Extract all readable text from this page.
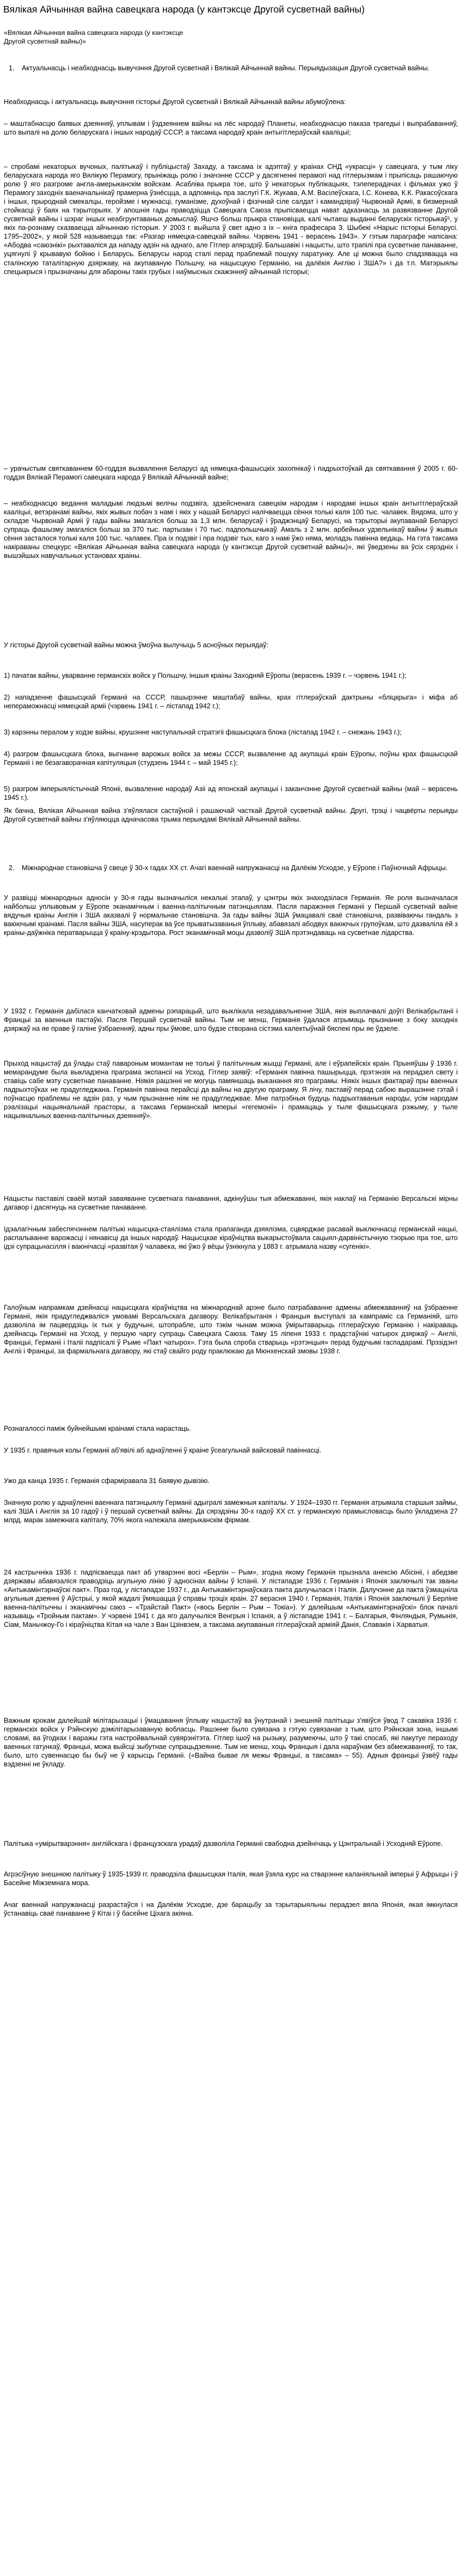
Вялікая Айчынная вайна савецкага народа (у кантэксце Другой сусветнай вайны)
«Вялікая Айчынная вайна савецкага народа (у кантэксце
Другой сусветнай вайны)»
1. Актуальнасць і неабходнасць вывучэння Другой сусветнай і Вялікай Айчыннай вайны. Перыядызацыя Другой сусветнай вайны.

Неабходнасць і актуальнасць вывучэння гісторыі Другой сусветнай і Вялікай Айчыннай вайны абумоўлена:

– маштабнасцю баявых дзеянняў, уплывам і ўздзеяннем вайны на лёс народаў Планеты, неабходнасцю паказа трагедыі і выпрабаванняў, што выпалі на долю беларускага і іншых народаў СССР, а таксама народаў краін антыгітлераўскай кааліцыі;

– спробамі некаторых вучоных, палітыкаў і публіцыстаў Захаду, а таксама іх адэптаў у краінах СНД «украсці» у савецкага, у тым ліку беларускага народа яго Вялікую Перамогу, прыніжаць ролю і значэнне СССР у дасягненні перамогі над гітлерызмам і прыпісаць рашаючую ролю ў яго разгроме англа-амерыканскім войскам. Асабліва прыкра тое, што ў некаторых публікацыях, тэлеперадачах і фільмах ужо ў Перамогу заходніх ваеначальнікаў прамерна ўзнёсцца, а адпомніць пра заслугі Г.К. Жукава, А.М. Васілеўскага, І.С. Конева, К.К. Ракасоўскага і іншых, прыроднай смекалцы, геройзме і мужнасці, гуманізме, духоўнай і фізічнай сіле салдат і камандзіраў Чырвонай Арміі, в бязмернай стойкасці ў баях на тэрыторыях. У апошнія гады праводзіцца Савецкага Саюза прыпісваецца нават адказнасць за развязванне Другой сусветнай вайны і шэраг іншых неабгрунтаваных домыслаў. Яшчэ больш прыкра становіцца, калі чытаеш выданні беларускіх гісторыкаў¹, у якіх па-рознаму сказваецца айчыннаю гісторыя. У 2003 г. выйшла ў свет адно з іх – кніга прафесара З. Шыбекі «Нарыс гісторыі Беларусі. 1795–2002», у якой 528 называецца так: «Разгар нямецка-савецкай вайны. Чэрвень 1941 - верасень 1943». У гэтым параграфе напісана: «Абодва «саюзнікі» рыхтаваліся да нападу адзін на аднаго, але Гітлер апярэдзіў. Бальшавікі і нацысты, што трапілі пра сусветнае панаванне, уцягнулі ў крывавую бойню і Беларусь. Беларусы народ сталі перад праблемай пошуку паратунку. Але ці можна было спадзявацца на сталінскую таталітарную дзяржаву, на акупаваную Польшчу, на нацысцкую Германію, на далёкія Англію і ЗША?» і да т.п. Матэрыялы спецыкрыся і прызначаны для абароны такіх грубых і наўмысных скажэнняў айчыннай гісторыі;

– урачыстым святкаваннем 60-годдзя вызвалення Беларусі ад нямецка-фашысцкіх захопнікаў і падрыхтоўкай да святкавання ў 2005 г. 60-годдзя Вялікай Перамогі савецкага народа ў Вялікай Айчыннай вайне;

– неабходнасцю ведання маладымі людзьмі велічы подзвіга, здзейсненага савецкім народам і народамі іншых краін антыгітлераўскай кааліцыі, ветэранамі вайны, якіх жывых побач з намі і якіх у нашай Беларусі налічваецца сёння толькі каля 100 тыс. чалавек. Вядома, што у складзе Чырвонай Арміі ў гады вайны змагаліся больш за 1,3 млн. беларусаў і ўраджэнцаў Беларусі, на тэрыторыі акупаванай Беларусі супраць фашызму змагаліся больш за 370 тыс. партызан і 70 тыс. падпольшчыкаў. Амаль з 2 млн. арбейных удзельнікаў вайны ў жывых сёння засталося толькі каля 100 тыс. чалавек. Пра іх подзвіг і пра подзвіг тых, каго з намі ўжо няма, моладзь павінна ведаць. На гэта таксама накіраваны спецкурс «Вялікая Айчынная вайна савецкага народа (у кантэксце Другой сусветнай вайны)», які ўведзены ва ўсіх сярэдніх і вышэйшых навучальных установах краіны.

У гісторыі Другой сусветнай вайны можна ўмоўна вылучыць 5 асноўных перыядаў:

1) пачатак вайны, уварванне германскіх войск у Польшчу, іншыя краіны Заходняй Еўропы (верасень 1939 г. – чэрвень 1941 г.);

2) нападзенне фашысцкай Германіі на СССР, пашырэнне маштабаў вайны, крах гітлераўскай дактрыны «бліцкрыга» і міфа аб непераможнасці нямецкай арміі (чэрвень 1941 г. – лістапад 1942 г.);

3) карэнны пералом у ходзе вайны, крушэнне наступальнай стратэгіі фашысцкага блока (лістапад 1942 г. – снежань 1943 г.);

4) разгром фашысцкага блока, выгнанне варожых войск за межы СССР, вызваленне ад акупацыі краін Еўропы, поўны крах фашысцкай Германіі і яе безагаворачная капітуляцыя (студзень 1944 г. – май 1945 г.);

5) разгром імперыялістычнай Японіі, вызваленне народаў Азіі ад японскай акупацыі і заканчэнне Другой сусветнай вайны (май – верасень 1945 г.).

Як бачна, Вялікая Айчынная вайна з'яўлялася састаўной і рашаючай часткай Другой сусветнай вайны. Другі, трэці і чацвёрты перыяды Другой сусветнай вайны з'яўляюцца адначасова трыма перыядамі Вялікай Айчыннай вайны.

2. Міжнароднае становішча ў свеце ў 30-х гадах ХХ ст. Ачагі ваеннай напружанасці на Далёкім Усходзе, у Еўропе і Паўночнай Афрыцы.

У развіцці міжнародных адносін у 30-я гады вызначыліся некалькі этапаў, у цэнтры якіх знаходзілася Германія. Яе роля вызначалася найбольш уплывовым у Еўропе эканамічным і ваенна-палітычным патэнцыялам. Пасля паражэння Германіі у Першай сусветнай вайне вядучыя краіны Англія і ЗША аказвалі ў нормальнае становішча. За гады вайны ЗША ўмацавалі сваё становішча, развіваючы гандаль з ваюючымі краінамі. Пасля вайны ЗША, насуперак ва ўсе прыватызаваныя ўплыву, абавязалі абодвух ваюючых групоўкам, што дазваліла ёй з краіны-даўжніка ператварыцца ў краіну-крэдытора. Рост эканамічнай моцы дазволіў ЗША прэтэндаваць на сусветнае лідарства.

У 1932 г. Германія дабілася канчатковай адмены рэпарацый, што выклікала незадавальненне ЗША, якія выплачвалі доўгі Велікабрытаніі і Францыі за ваенныя пастаўкі. Пасля Першай сусветнай вайны. Тым не менш, Германія ўдалася атрымаць прызнанне з боку заходніх дзяржаў на яе праве ў галіне ўзбраенняў, адны пры ўмове, што будзе створана сістэма калектыўнай бяспекі пры яе ўдзеле.

Прыход нацыстаў да ўлады стаў павароным момантам не толькі ў палітычным жыцці Германіі, але і еўрапейскіх краін. Прыняўшы ў 1936 г. мемарандуме была выкладзена праграма экспансіі на Усход. Гітлер заявіў: «Германія павінна пашырыцца, прэтэнзія на перадзел свету і ставіць сабе мэту сусветнае панаванне. Ніякія рашэнні не могуць памяншаць выканання яго праграмы. Ніякіх іншых фактараў пры ваенных падрыхтоўках не прадугледжана. Германія павінна перайсці да вайны на другую праграму. Я лічу, паставіў перад сабою вырашэнне гэтай і поўнасцю праблемы не адзін раз, у чым прызнанне ніяк не прадугледжвае. Мне патрэбныя будуць падрыхтаваныя народы, усім народам рэалізацыі нацыянальнай прасторы, а таксама Германскай імперыі «гегемоніі» і прамацаць у тыле фашысцкага рэжыму, у тыле нацыянальных ваенна-палітычных дзеянняў».

Нацысты паставілі сваёй мэтай заваяванне сусветнага панавання, адкінуўшы тыя абмежаванні, якія наклаў на Германію Версальскі мірны дагавор і дасягнуць на сусветнае панаванне.

Ідэалагічным забеспячэннем палітыкі нацысцка-стаялізма стала прапаганда дзяялізма, сцвярджае расавай выключнасці германскай нацыі, распальванне варожасці і нянавісці да іншых народаў. Нацысцкае кіраўніцтва выкарыстоўвала сацыял-дарвіністычную тэорыю пра тое, што ідэі супрацьнасілля і ваюнічасці «развітая ў чалавека, які ўжо ў вёцы ўзнікнула у 1883 г. атрымала назву «сугенікі».

Галоўным напрамкам дзейнасці нацысцкага кіраўніцтва на міжнароднай арэне было патрабаванне адмены абмежаванняў на ўзбраенне Германіі, якія прадугледжваліся умовамі Версальскага дагавору. Велікабрытанія і Францыя выступалі за кампраміс са Германіяй, што дазволіла ім пацвердзіць іх тых у будучыні, штопрабле, што тэкім чынам можна ўмірытаварыць гітлераўскую Германію і накіраваць дзейнасць Германіі на Усход, у першую чаргу супраць Савецкага Саюза. Таму 15 ліпеня 1933 г. прадстаўнікі чатырох дзяржаў – Англіі, Францыі, Германіі і Італіі падпісалі ў Рыме «Пакт чатырох». Гэта была спроба стварыць «рэтэнцыя» перад будучымі гаспадарамі. Прэзідэнт Англіі і Францыі, за фармальнага дагавору, які стаў свайго роду праклюкаю да Мюнхенскай змовы 1938 г.

Рознагалоссі паміж буйнейшымі краінамі стала нарастаць.

У 1935 г. правячыя колы Германіі аб'явілі аб аднаўленні ў краіне ўсеагульнай вайсковай павіннасці.

Ужо да канца 1935 г. Германія сфарміравала 31 баявую дывізію.

Значную ролю у аднаўленні ваеннага патэнцыялу Германіі адыгралі замежныя капіталы. У 1924–1930 гг. Германія атрымала старшыя займы, калі ЗША і Англія за 10 гадоў і ў першай сусветнай вайны. Да сярэдзіны 30-х гадоў XX ст. у германскую прамысловасць было ўкладзена 27 млрд. марак замежнага капіталу, 70% якога належала амерыканскім фірмам.

24 кастрычніка 1936 г. падпісваецца пакт аб утварэнні восі «Берлін – Рым», згодна якому Германія прызнала анексію Абісініі, і абедзве дзяржавы абавязаліся праводзіць агульную лінію ў адносінах вайны ў Іспаніі. У лістападзе 1936 г. Германія і Японія заключылі так званы «Антыкамінтэрнаўскі пакт». Праз год, у лістападзе 1937 г., да Антыкамінтэрнаўскага пакта далучылася і Італія. Далучэнне да пакта ўзмацніла агульныя дзеянні ў Аўстрыі, у якой жадалі ўмяшацца ў справы трэціх краін. 27 верасня 1940 г. Германія, Італія і Японія заключылі ў Берліне ваенна-палітычны і эканамічны саюз – «Трайстай Пакт» («вось Берлін – Рым – Токіа»). У далейшым «Антыкамінтэрнаўскі» блок пачалі называць «Тройным пактам». У чэрвені 1941 г. да яго далучыліся Венгрыя і Іспанія, а ў лістападзе 1941 г. – Балгарыя, Фінляндыя, Румынія, Сіам, Маньчжоу-Го і кіраўніцтва Кітая на чале з Ван Цзінвэем, а таксама акупаваныя гітлераўскай арміяй Данія, Славакія і Харватыя.

Важным крокам далейшай мілітарызацыі і ўмацавання ўплыву нацыстаў ва ўнутранай і знешняй палітыцы з'явіўся ўвод 7 сакавіка 1936 г. германскіх войск у Рэйнскую дэмілітарызаваную вобласць. Рашэнне было сувязана з гэтую сувязанае з тым, што Рэйнская зона, іншымі словамі, ва ўгодках і варажы гэта настройвальнай сувярэнітэта. Гітлер ішоў на рызыку, разумеючы, што ў такі спосаб, які пакутуе пераходу ваенных гатункаў, Францыі, можа выйсці зыбутнае супрацьдзеянне. Тым не менш, хоць Францыя і дала нараўнам без абмежаванняў, то так, было, што сувеннасцю бы быў не ў карысць Германіі. («Вайна бывае ля межы Францыі, а таксама» – 55). Адныя францыі ўзвёў гады вэдзенні не ўкладу.

Палітыка «умірытварэння» англійскага і французскага урадаў дазволіла Германіі свабодна дзейнічаць у Цэнтральнай і Усходняй Еўропе.

Агрэсіўную знешнюю палітыку ў 1935-1939 гг. праводзіла фашысцкая Італія, якая ўзяла курс на стварэнне каланіяльнай імперыі ў Афрыцы і ў Басейне Міжземнага мора.

Ачаг ваеннай напружанасці разрастаўся і на Далёкім Усходзе, дзе барацьбу за тэрытарыяльны перадзел вяла Японія, якая імкнулася ўстанавіць сваё панаванне ў Кітаі і ў басейне Ціхага акіяна.
